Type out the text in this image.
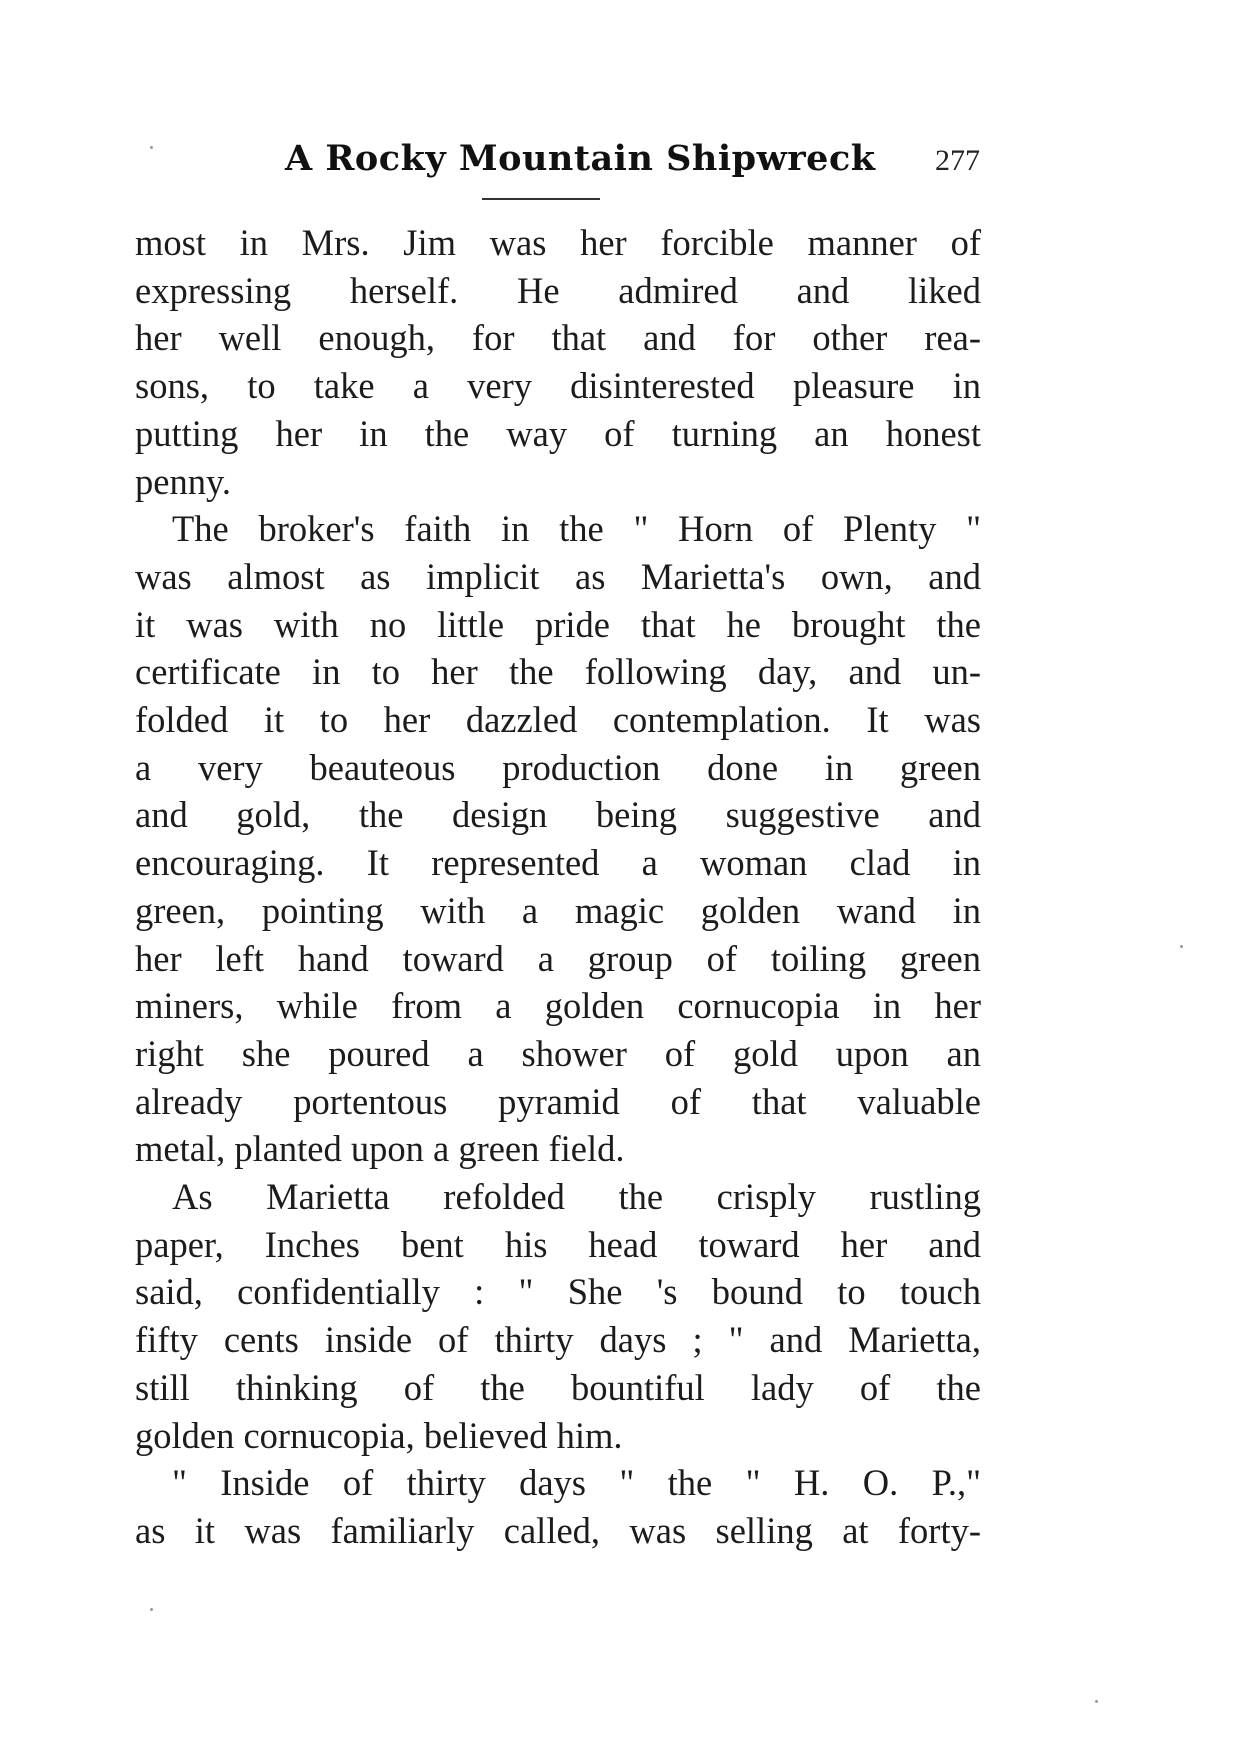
A Rocky Mountain Shipwreck 277
most in Mrs. Jim was her forcible manner of
expressing herself. He admired and liked
her well enough, for that and for other rea-
sons, to take a very disinterested pleasure in
putting her in the way of turning an honest
penny.
The broker's faith in the " Horn of Plenty "
was almost as implicit as Marietta's own, and
it was with no little pride that he brought the
certificate in to her the following day, and un-
folded it to her dazzled contemplation. It was
a very beauteous production done in green
and gold, the design being suggestive and
encouraging. It represented a woman clad in
green, pointing with a magic golden wand in
her left hand toward a group of toiling green
miners, while from a golden cornucopia in her
right she poured a shower of gold upon an
already portentous pyramid of that valuable
metal, planted upon a green field.
As Marietta refolded the crisply rustling
paper, Inches bent his head toward her and
said, confidentially : " She 's bound to touch
fifty cents inside of thirty days ; " and Marietta,
still thinking of the bountiful lady of the
golden cornucopia, believed him.
" Inside of thirty days " the " H. O. P.,"
as it was familiarly called, was selling at forty-
